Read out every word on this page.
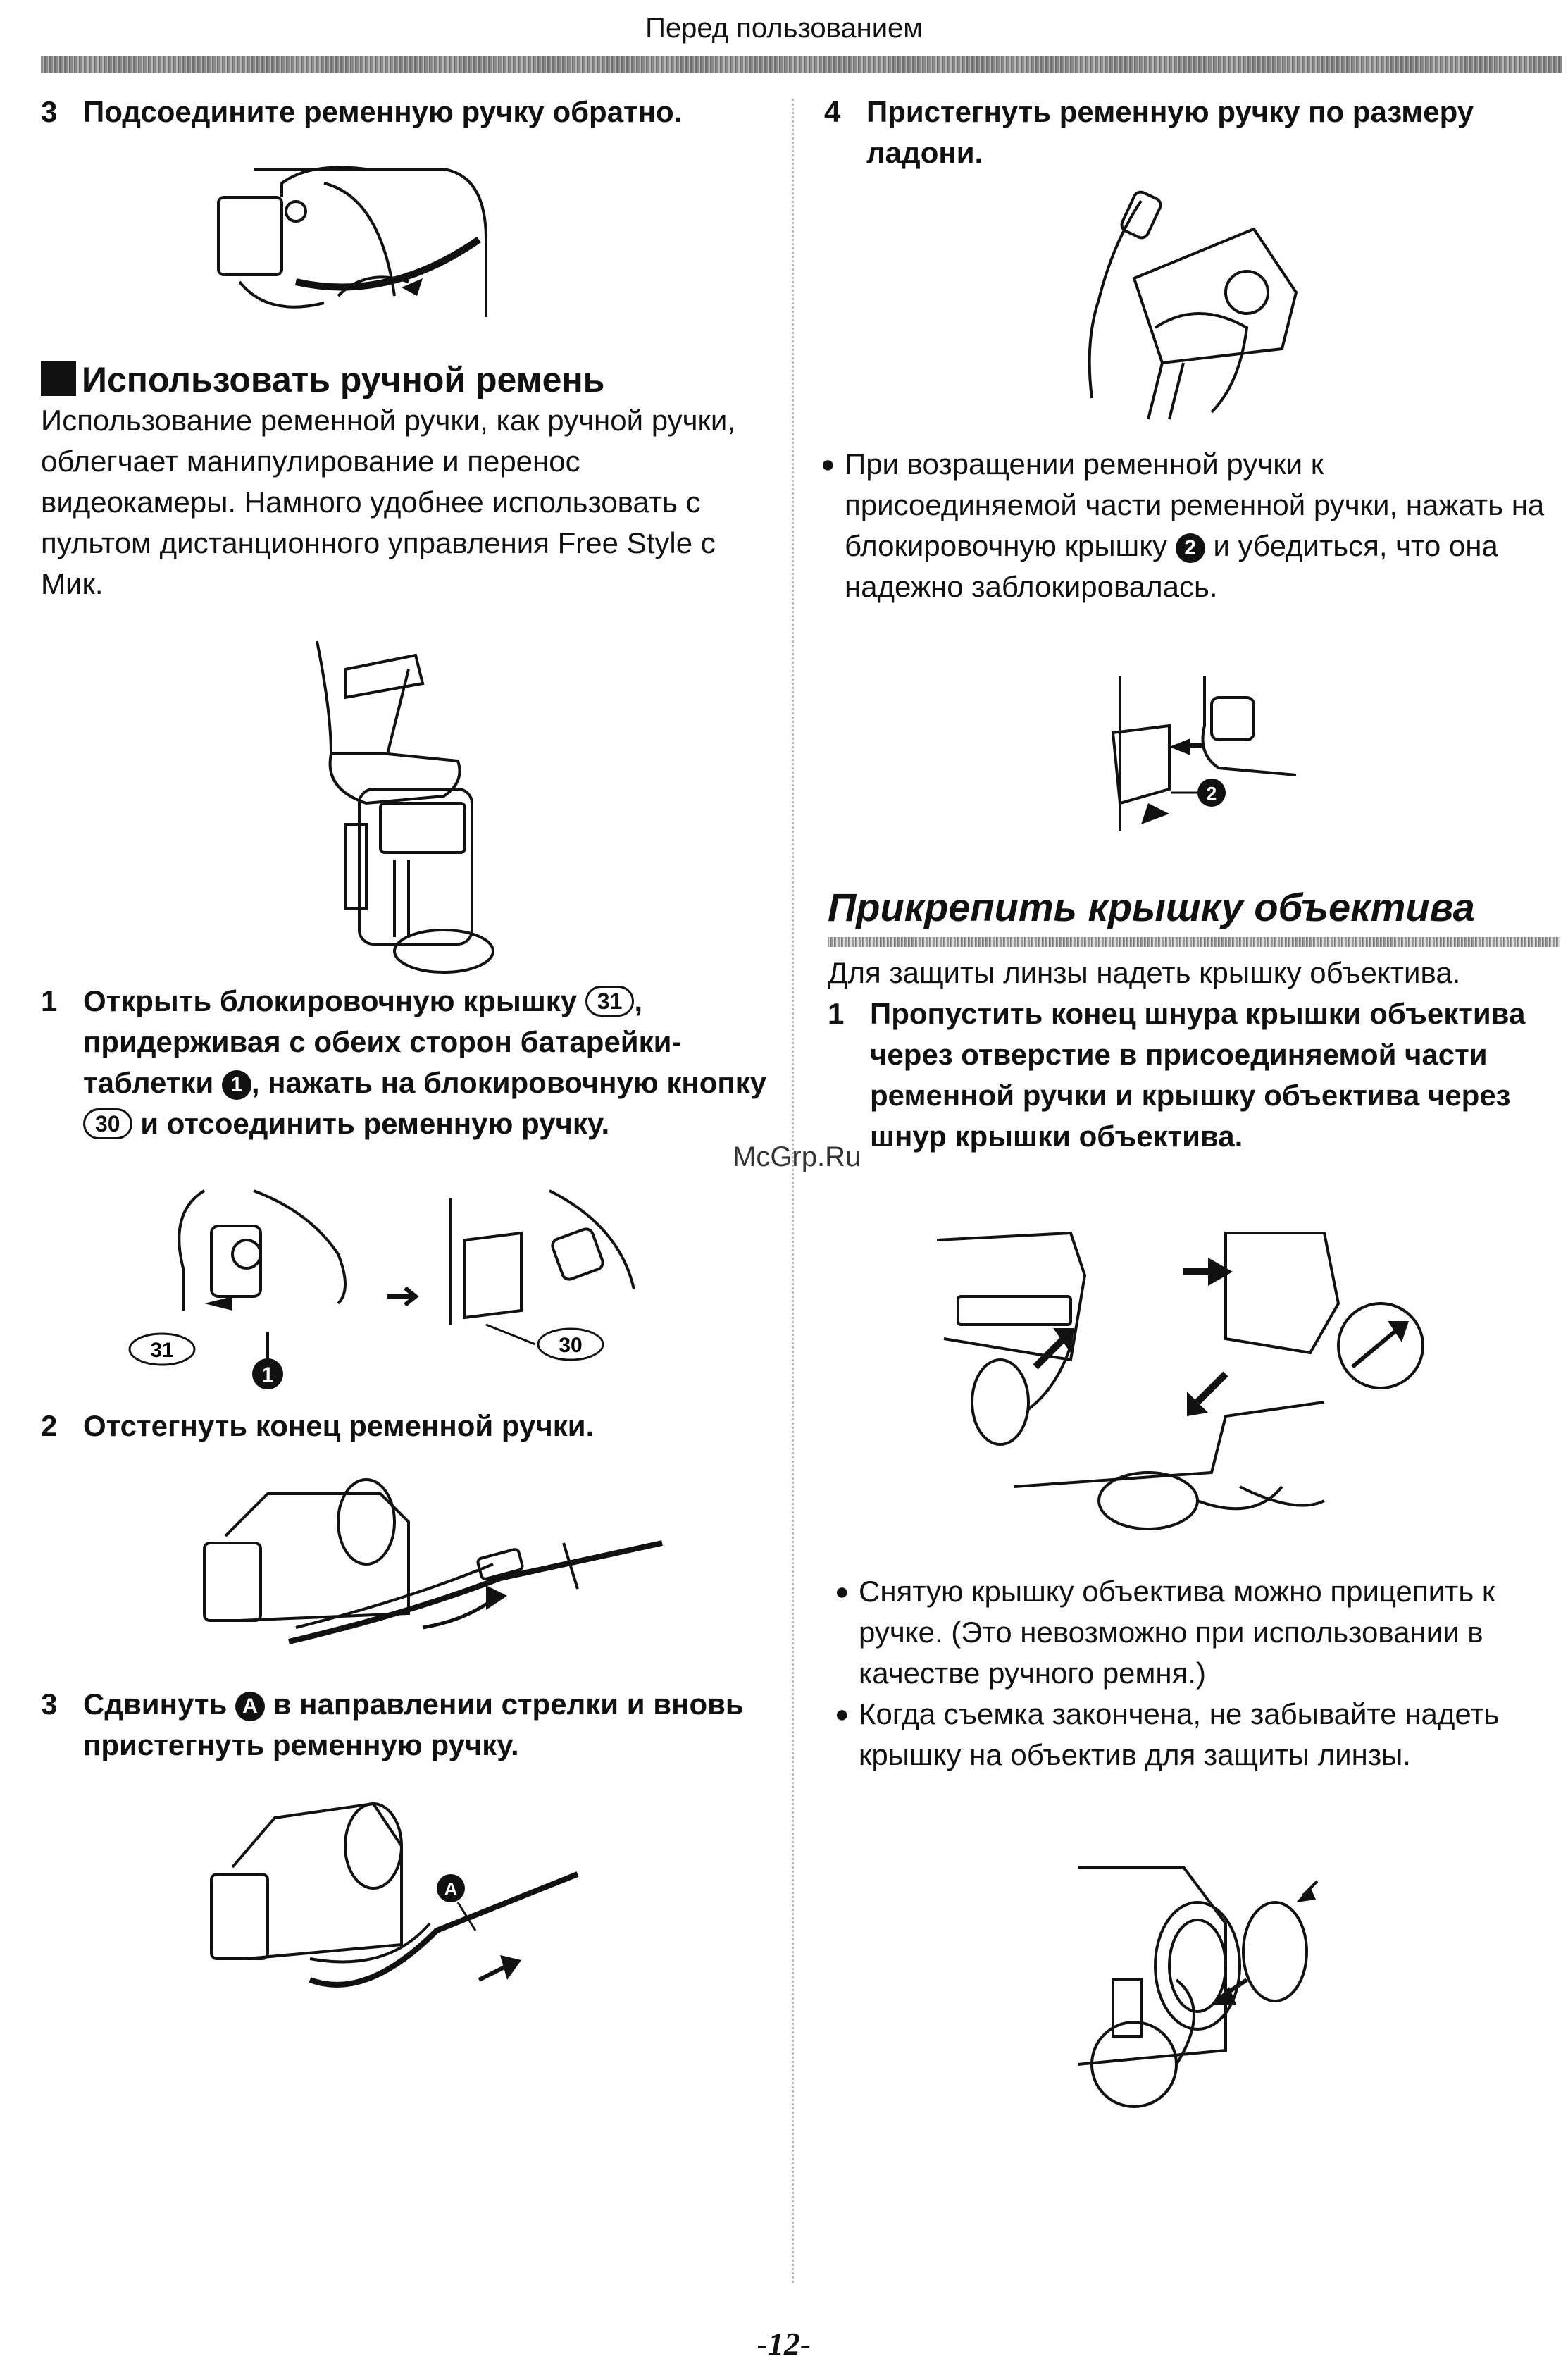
Перед пользованием
3 Подсоедините ременную ручку обратно.
Использовать ручной ремень
Использование ременной ручки, как ручной ручки, облегчает манипулирование и перенос видеокамеры. Намного удобнее использовать с пультом дистанционного управления Free Style с Мик.
1 Открыть блокировочную крышку 31 , придерживая с обеих сторон батарейки-таблетки 1 , нажать на блокировочную кнопку 30 и отсоединить ременную ручку.
31
1
30
2 Отстегнуть конец ременной ручки.
3 Сдвинуть A в направлении стрелки и вновь пристегнуть ременную ручку.
A
4 Пристегнуть ременную ручку по размеру ладони.
● При возращении ременной ручки к присоединяемой части ременной ручки, нажать на блокировочную крышку 2 и убедиться, что она надежно заблокировалась.
2
Прикрепить крышку объектива
Для защиты линзы надеть крышку объектива.
1 Пропустить конец шнура крышки объектива через отверстие в присоединяемой части ременной ручки и крышку объектива через шнур крышки объектива.
● Снятую крышку объектива можно прицепить к ручке. (Это невозможно при использовании в качестве ручного ремня.)
● Когда съемка закончена, не забывайте надеть крышку на объектив для защиты линзы.
McGrp.Ru
-12-
